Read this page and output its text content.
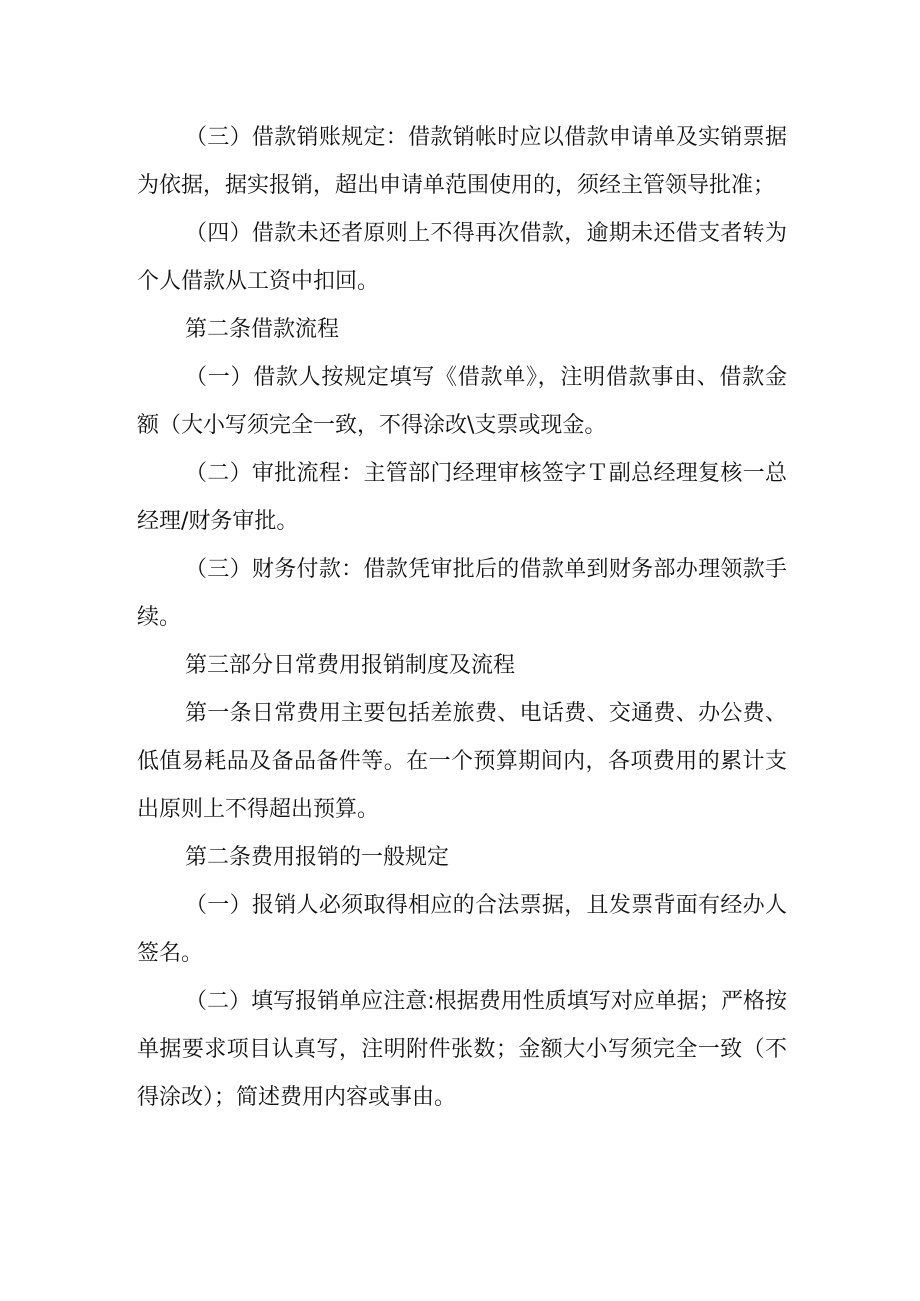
（三）借款销账规定：借款销帐时应以借款申请单及实销票据为依据，据实报销，超出申请单范围使用的，须经主管领导批准；

（四）借款未还者原则上不得再次借款，逾期未还借支者转为个人借款从工资中扣回。

第二条借款流程

（一）借款人按规定填写《借款单》，注明借款事由、借款金额（大小写须完全一致，不得涂改\支票或现金。

（二）审批流程：主管部门经理审核签字Ｔ副总经理复核一总经理/财务审批。

（三）财务付款：借款凭审批后的借款单到财务部办理领款手续。

第三部分日常费用报销制度及流程

第一条日常费用主要包括差旅费、电话费、交通费、办公费、低值易耗品及备品备件等。在一个预算期间内，各项费用的累计支出原则上不得超出预算。

第二条费用报销的一般规定

（一）报销人必须取得相应的合法票据，且发票背面有经办人签名。

（二）填写报销单应注意:根据费用性质填写对应单据；严格按单据要求项目认真写，注明附件张数；金额大小写须完全一致（不得涂改）；简述费用内容或事由。
